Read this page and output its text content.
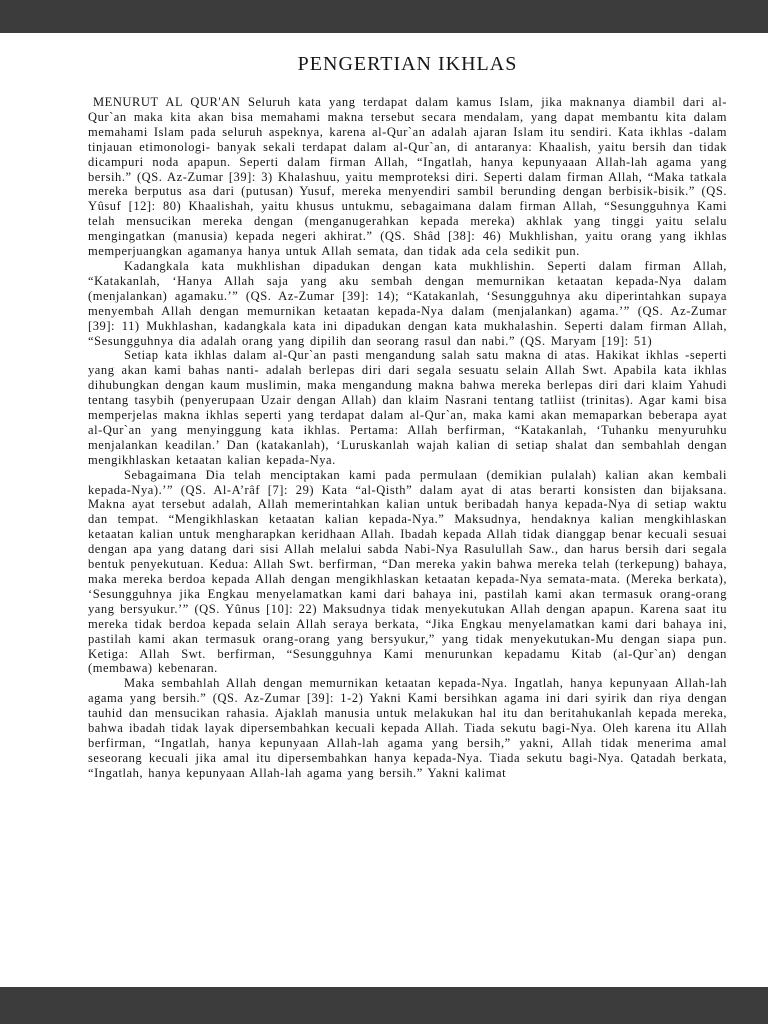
PENGERTIAN IKHLAS

MENURUT AL QUR'AN Seluruh kata yang terdapat dalam kamus Islam, jika maknanya diambil dari al-Qur`an maka kita akan bisa memahami makna tersebut secara mendalam, yang dapat membantu kita dalam memahami Islam pada seluruh aspeknya, karena al-Qur`an adalah ajaran Islam itu sendiri. Kata ikhlas -dalam tinjauan etimonologi- banyak sekali terdapat dalam al-Qur`an, di antaranya: Khaalish, yaitu bersih dan tidak dicampuri noda apapun. Seperti dalam firman Allah, “Ingatlah, hanya kepunyaaan Allah-lah agama yang bersih.” (QS. Az-Zumar [39]: 3) Khalashuu, yaitu memproteksi diri. Seperti dalam firman Allah, “Maka tatkala mereka berputus asa dari (putusan) Yusuf, mereka menyendiri sambil berunding dengan berbisik-bisik.” (QS. Yûsuf [12]: 80) Khaalishah, yaitu khusus untukmu, sebagaimana dalam firman Allah, “Sesungguhnya Kami telah mensucikan mereka dengan (menganugerahkan kepada mereka) akhlak yang tinggi yaitu selalu mengingatkan (manusia) kepada negeri akhirat.” (QS. Shâd [38]: 46) Mukhlishan, yaitu orang yang ikhlas memperjuangkan agamanya hanya untuk Allah semata, dan tidak ada cela sedikit pun.

Kadangkala kata mukhlishan dipadukan dengan kata mukhlishin. Seperti dalam firman Allah, “Katakanlah, ‘Hanya Allah saja yang aku sembah dengan memurnikan ketaatan kepada-Nya dalam (menjalankan) agamaku.’” (QS. Az-Zumar [39]: 14); “Katakanlah, ‘Sesungguhnya aku diperintahkan supaya menyembah Allah dengan memurnikan ketaatan kepada-Nya dalam (menjalankan) agama.’” (QS. Az-Zumar [39]: 11) Mukhlashan, kadangkala kata ini dipadukan dengan kata mukhalashin. Seperti dalam firman Allah, “Sesungguhnya dia adalah orang yang dipilih dan seorang rasul dan nabi.” (QS. Maryam [19]: 51)

Setiap kata ikhlas dalam al-Qur`an pasti mengandung salah satu makna di atas. Hakikat ikhlas -seperti yang akan kami bahas nanti- adalah berlepas diri dari segala sesuatu selain Allah Swt. Apabila kata ikhlas dihubungkan dengan kaum muslimin, maka mengandung makna bahwa mereka berlepas diri dari klaim Yahudi tentang tasybih (penyerupaan Uzair dengan Allah) dan klaim Nasrani tentang tatliist (trinitas). Agar kami bisa memperjelas makna ikhlas seperti yang terdapat dalam al-Qur`an, maka kami akan memaparkan beberapa ayat al-Qur`an yang menyinggung kata ikhlas. Pertama: Allah berfirman, “Katakanlah, ‘Tuhanku menyuruhku menjalankan keadilan.’ Dan (katakanlah), ‘Luruskanlah wajah kalian di setiap shalat dan sembahlah dengan mengikhlaskan ketaatan kalian kepada-Nya.

Sebagaimana Dia telah menciptakan kami pada permulaan (demikian pulalah) kalian akan kembali kepada-Nya).’” (QS. Al-A’râf [7]: 29) Kata “al-Qisth” dalam ayat di atas berarti konsisten dan bijaksana. Makna ayat tersebut adalah, Allah memerintahkan kalian untuk beribadah hanya kepada-Nya di setiap waktu dan tempat. “Mengikhlaskan ketaatan kalian kepada-Nya.” Maksudnya, hendaknya kalian mengkihlaskan ketaatan kalian untuk mengharapkan keridhaan Allah. Ibadah kepada Allah tidak dianggap benar kecuali sesuai dengan apa yang datang dari sisi Allah melalui sabda Nabi-Nya Rasulullah Saw., dan harus bersih dari segala bentuk penyekutuan. Kedua: Allah Swt. berfirman, “Dan mereka yakin bahwa mereka telah (terkepung) bahaya, maka mereka berdoa kepada Allah dengan mengikhlaskan ketaatan kepada-Nya semata-mata. (Mereka berkata), ‘Sesungguhnya jika Engkau menyelamatkan kami dari bahaya ini, pastilah kami akan termasuk orang-orang yang bersyukur.’” (QS. Yûnus [10]: 22) Maksudnya tidak menyekutukan Allah dengan apapun. Karena saat itu mereka tidak berdoa kepada selain Allah seraya berkata, “Jika Engkau menyelamatkan kami dari bahaya ini, pastilah kami akan termasuk orang-orang yang bersyukur,” yang tidak menyekutukan-Mu dengan siapa pun. Ketiga: Allah Swt. berfirman, “Sesungguhnya Kami menurunkan kepadamu Kitab (al-Qur`an) dengan (membawa) kebenaran.

Maka sembahlah Allah dengan memurnikan ketaatan kepada-Nya. Ingatlah, hanya kepunyaan Allah-lah agama yang bersih.” (QS. Az-Zumar [39]: 1-2) Yakni Kami bersihkan agama ini dari syirik dan riya dengan tauhid dan mensucikan rahasia. Ajaklah manusia untuk melakukan hal itu dan beritahukanlah kepada mereka, bahwa ibadah tidak layak dipersembahkan kecuali kepada Allah. Tiada sekutu bagi-Nya. Oleh karena itu Allah berfirman, “Ingatlah, hanya kepunyaan Allah-lah agama yang bersih,” yakni, Allah tidak menerima amal seseorang kecuali jika amal itu dipersembahkan hanya kepada-Nya. Tiada sekutu bagi-Nya. Qatadah berkata, “Ingatlah, hanya kepunyaan Allah-lah agama yang bersih.” Yakni kalimat
